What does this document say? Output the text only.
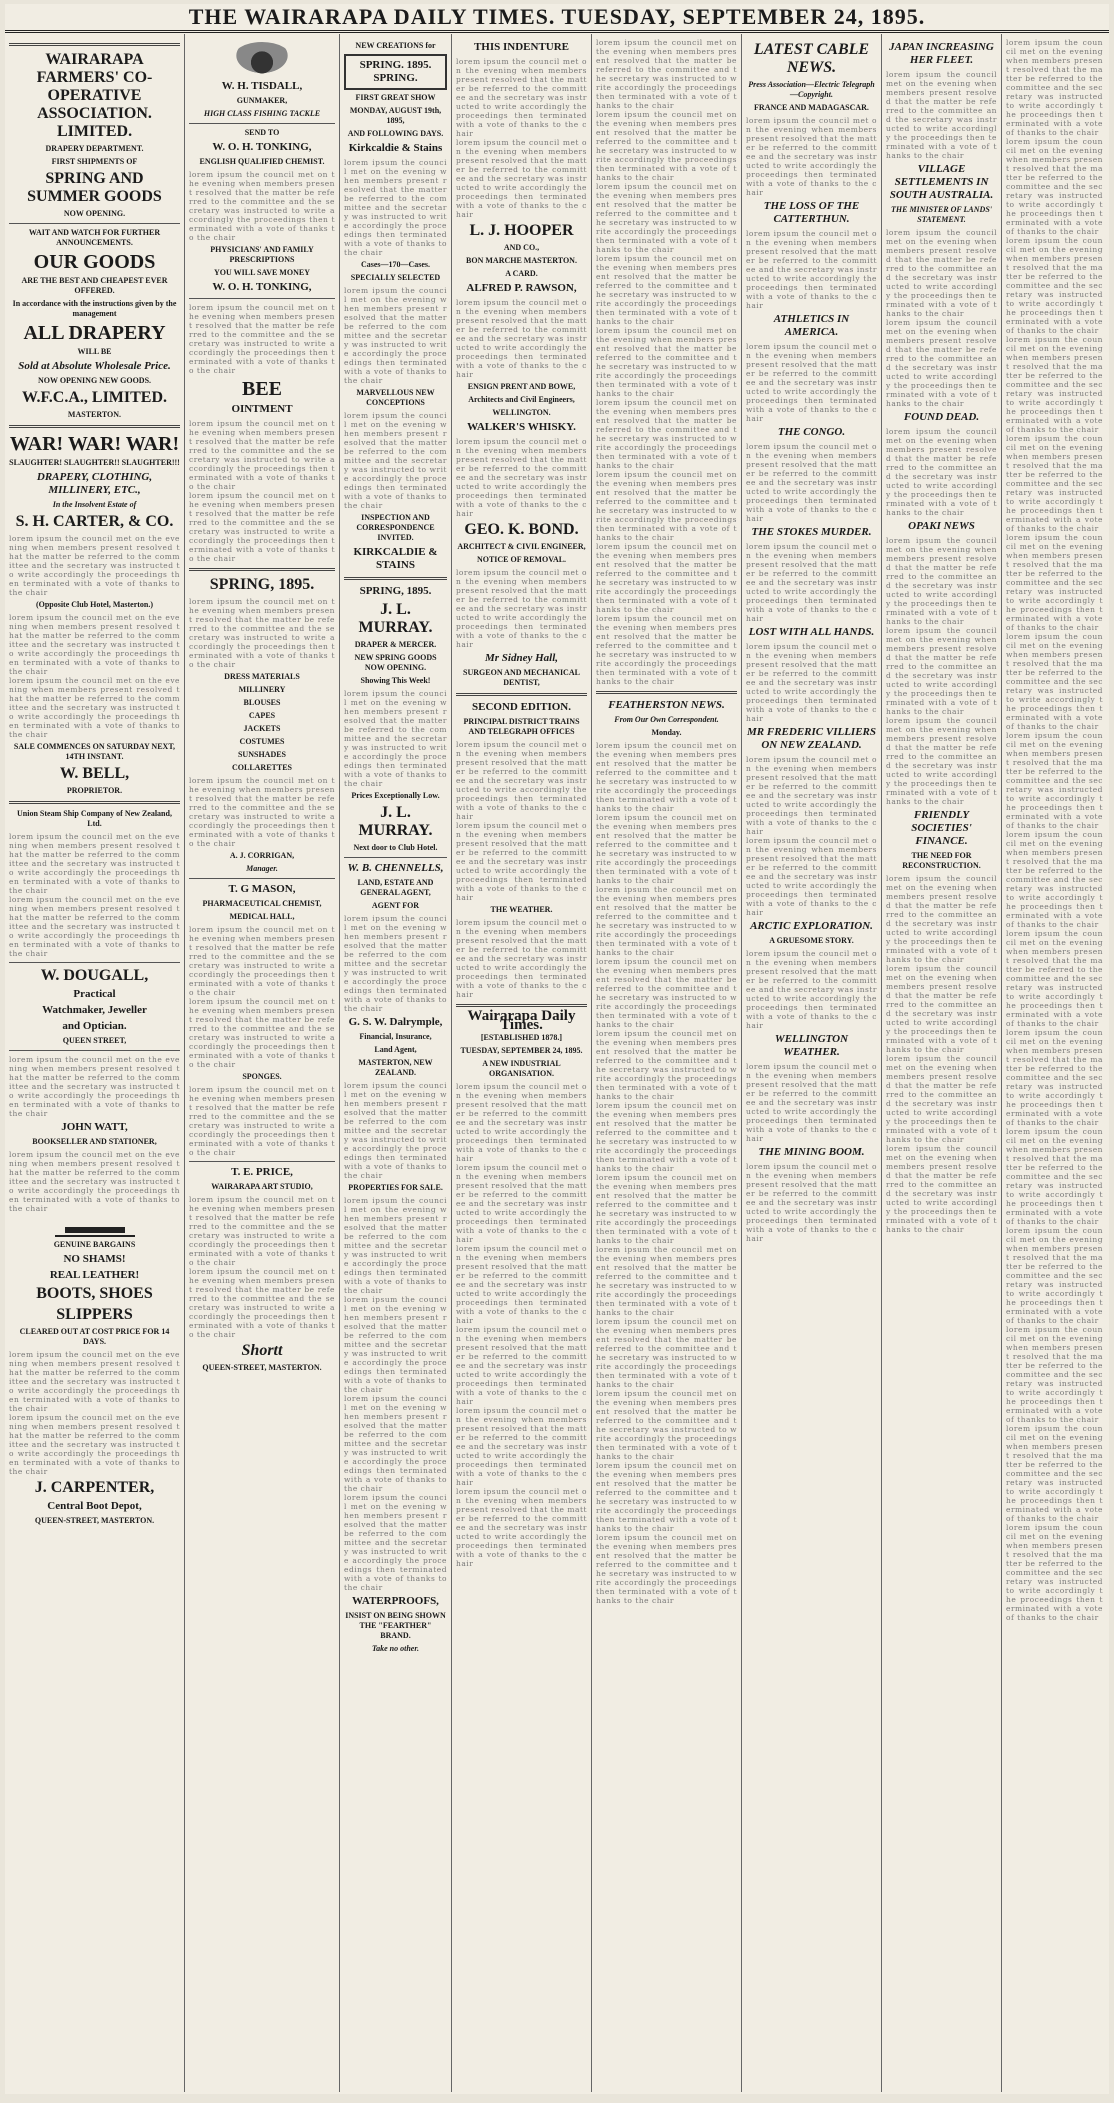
THE WAIRARAPA DAILY TIMES. TUESDAY, SEPTEMBER 24, 1895.
WAIRARAPA FARMERS' CO-OPERATIVE ASSOCIATION. LIMITED.
DRAPERY DEPARTMENT.
FIRST SHIPMENTS OF
SPRING AND SUMMER GOODS
NOW OPENING.
WAIT AND WATCH FOR FURTHER ANNOUNCEMENTS.
OUR GOODS
ARE THE BEST AND CHEAPEST EVER OFFERED.
In accordance with the instructions given by the management
ALL DRAPERY
WILL BE
Sold at Absolute Wholesale Price.
NOW OPENING NEW GOODS.
W.F.C.A., LIMITED.
MASTERTON.
WAR! WAR! WAR!
SLAUGHTER! SLAUGHTER!! SLAUGHTER!!!
DRAPERY, CLOTHING, MILLINERY, ETC.,
In the Insolvent Estate of
S. H. CARTER, & CO.
lorem ipsum the council met on the evening when members present resolved that the matter be referred to the committee and the secretary was instructed to write accordingly the proceedings then terminated with a vote of thanks to the chair
(Opposite Club Hotel, Masterton.)
lorem ipsum the council met on the evening when members present resolved that the matter be referred to the committee and the secretary was instructed to write accordingly the proceedings then terminated with a vote of thanks to the chair
lorem ipsum the council met on the evening when members present resolved that the matter be referred to the committee and the secretary was instructed to write accordingly the proceedings then terminated with a vote of thanks to the chair
SALE COMMENCES ON SATURDAY NEXT, 14TH INSTANT.
W. BELL,
PROPRIETOR.
Union Steam Ship Company of New Zealand, Ltd.
lorem ipsum the council met on the evening when members present resolved that the matter be referred to the committee and the secretary was instructed to write accordingly the proceedings then terminated with a vote of thanks to the chair
lorem ipsum the council met on the evening when members present resolved that the matter be referred to the committee and the secretary was instructed to write accordingly the proceedings then terminated with a vote of thanks to the chair
W. DOUGALL,
Practical
Watchmaker, Jeweller
and Optician.
QUEEN STREET,
lorem ipsum the council met on the evening when members present resolved that the matter be referred to the committee and the secretary was instructed to write accordingly the proceedings then terminated with a vote of thanks to the chair
JOHN WATT,
BOOKSELLER AND STATIONER,
lorem ipsum the council met on the evening when members present resolved that the matter be referred to the committee and the secretary was instructed to write accordingly the proceedings then terminated with a vote of thanks to the chair
GENUINE BARGAINS
NO SHAMS!
REAL LEATHER!
BOOTS, SHOES
SLIPPERS
CLEARED OUT AT COST PRICE FOR 14 DAYS.
lorem ipsum the council met on the evening when members present resolved that the matter be referred to the committee and the secretary was instructed to write accordingly the proceedings then terminated with a vote of thanks to the chair
lorem ipsum the council met on the evening when members present resolved that the matter be referred to the committee and the secretary was instructed to write accordingly the proceedings then terminated with a vote of thanks to the chair
J. CARPENTER,
Central Boot Depot,
QUEEN-STREET, MASTERTON.
W. H. TISDALL,
GUNMAKER,
HIGH CLASS FISHING TACKLE
SEND TO
W. O. H. TONKING,
ENGLISH QUALIFIED CHEMIST.
lorem ipsum the council met on the evening when members present resolved that the matter be referred to the committee and the secretary was instructed to write accordingly the proceedings then terminated with a vote of thanks to the chair
PHYSICIANS' AND FAMILY PRESCRIPTIONS
YOU WILL SAVE MONEY
W. O. H. TONKING,
lorem ipsum the council met on the evening when members present resolved that the matter be referred to the committee and the secretary was instructed to write accordingly the proceedings then terminated with a vote of thanks to the chair
BEE
OINTMENT
lorem ipsum the council met on the evening when members present resolved that the matter be referred to the committee and the secretary was instructed to write accordingly the proceedings then terminated with a vote of thanks to the chair
lorem ipsum the council met on the evening when members present resolved that the matter be referred to the committee and the secretary was instructed to write accordingly the proceedings then terminated with a vote of thanks to the chair
SPRING, 1895.
lorem ipsum the council met on the evening when members present resolved that the matter be referred to the committee and the secretary was instructed to write accordingly the proceedings then terminated with a vote of thanks to the chair
DRESS MATERIALS
MILLINERY
BLOUSES
CAPES
JACKETS
COSTUMES
SUNSHADES
COLLARETTES
lorem ipsum the council met on the evening when members present resolved that the matter be referred to the committee and the secretary was instructed to write accordingly the proceedings then terminated with a vote of thanks to the chair
A. J. CORRIGAN,
Manager.
T. G MASON,
PHARMACEUTICAL CHEMIST,
MEDICAL HALL,
lorem ipsum the council met on the evening when members present resolved that the matter be referred to the committee and the secretary was instructed to write accordingly the proceedings then terminated with a vote of thanks to the chair
lorem ipsum the council met on the evening when members present resolved that the matter be referred to the committee and the secretary was instructed to write accordingly the proceedings then terminated with a vote of thanks to the chair
SPONGES.
lorem ipsum the council met on the evening when members present resolved that the matter be referred to the committee and the secretary was instructed to write accordingly the proceedings then terminated with a vote of thanks to the chair
T. E. PRICE,
WAIRARAPA ART STUDIO,
lorem ipsum the council met on the evening when members present resolved that the matter be referred to the committee and the secretary was instructed to write accordingly the proceedings then terminated with a vote of thanks to the chair
lorem ipsum the council met on the evening when members present resolved that the matter be referred to the committee and the secretary was instructed to write accordingly the proceedings then terminated with a vote of thanks to the chair
Shortt
QUEEN-STREET, MASTERTON.
NEW CREATIONS for
SPRING. 1895. SPRING.
FIRST GREAT SHOW
MONDAY, AUGUST 19th, 1895,
AND FOLLOWING DAYS.
Kirkcaldie & Stains
lorem ipsum the council met on the evening when members present resolved that the matter be referred to the committee and the secretary was instructed to write accordingly the proceedings then terminated with a vote of thanks to the chair
Cases—170—Cases.
SPECIALLY SELECTED
lorem ipsum the council met on the evening when members present resolved that the matter be referred to the committee and the secretary was instructed to write accordingly the proceedings then terminated with a vote of thanks to the chair
MARVELLOUS NEW CONCEPTIONS
lorem ipsum the council met on the evening when members present resolved that the matter be referred to the committee and the secretary was instructed to write accordingly the proceedings then terminated with a vote of thanks to the chair
INSPECTION AND CORRESPONDENCE INVITED.
KIRKCALDIE & STAINS
SPRING, 1895.
J. L. MURRAY.
DRAPER & MERCER.
NEW SPRING GOODS NOW OPENING.
Showing This Week!
lorem ipsum the council met on the evening when members present resolved that the matter be referred to the committee and the secretary was instructed to write accordingly the proceedings then terminated with a vote of thanks to the chair
Prices Exceptionally Low.
J. L. MURRAY.
Next door to Club Hotel.
W. B. CHENNELLS,
LAND, ESTATE AND GENERAL AGENT,
AGENT FOR
lorem ipsum the council met on the evening when members present resolved that the matter be referred to the committee and the secretary was instructed to write accordingly the proceedings then terminated with a vote of thanks to the chair
G. S. W. Dalrymple,
Financial, Insurance,
Land Agent,
MASTERTON, NEW ZEALAND.
lorem ipsum the council met on the evening when members present resolved that the matter be referred to the committee and the secretary was instructed to write accordingly the proceedings then terminated with a vote of thanks to the chair
PROPERTIES FOR SALE.
lorem ipsum the council met on the evening when members present resolved that the matter be referred to the committee and the secretary was instructed to write accordingly the proceedings then terminated with a vote of thanks to the chair
lorem ipsum the council met on the evening when members present resolved that the matter be referred to the committee and the secretary was instructed to write accordingly the proceedings then terminated with a vote of thanks to the chair
lorem ipsum the council met on the evening when members present resolved that the matter be referred to the committee and the secretary was instructed to write accordingly the proceedings then terminated with a vote of thanks to the chair
lorem ipsum the council met on the evening when members present resolved that the matter be referred to the committee and the secretary was instructed to write accordingly the proceedings then terminated with a vote of thanks to the chair
WATERPROOFS,
INSIST ON BEING SHOWN THE "FEARTHER" BRAND.
Take no other.
THIS INDENTURE
lorem ipsum the council met on the evening when members present resolved that the matter be referred to the committee and the secretary was instructed to write accordingly the proceedings then terminated with a vote of thanks to the chair
lorem ipsum the council met on the evening when members present resolved that the matter be referred to the committee and the secretary was instructed to write accordingly the proceedings then terminated with a vote of thanks to the chair
L. J. HOOPER
AND CO.,
BON MARCHE MASTERTON.
A CARD.
ALFRED P. RAWSON,
lorem ipsum the council met on the evening when members present resolved that the matter be referred to the committee and the secretary was instructed to write accordingly the proceedings then terminated with a vote of thanks to the chair
ENSIGN PRENT AND BOWE,
Architects and Civil Engineers,
WELLINGTON.
WALKER'S WHISKY.
lorem ipsum the council met on the evening when members present resolved that the matter be referred to the committee and the secretary was instructed to write accordingly the proceedings then terminated with a vote of thanks to the chair
GEO. K. BOND.
ARCHITECT & CIVIL ENGINEER,
NOTICE OF REMOVAL.
lorem ipsum the council met on the evening when members present resolved that the matter be referred to the committee and the secretary was instructed to write accordingly the proceedings then terminated with a vote of thanks to the chair
Mr Sidney Hall,
SURGEON AND MECHANICAL DENTIST,
SECOND EDITION.
PRINCIPAL DISTRICT TRAINS AND TELEGRAPH OFFICES
lorem ipsum the council met on the evening when members present resolved that the matter be referred to the committee and the secretary was instructed to write accordingly the proceedings then terminated with a vote of thanks to the chair
lorem ipsum the council met on the evening when members present resolved that the matter be referred to the committee and the secretary was instructed to write accordingly the proceedings then terminated with a vote of thanks to the chair
THE WEATHER.
lorem ipsum the council met on the evening when members present resolved that the matter be referred to the committee and the secretary was instructed to write accordingly the proceedings then terminated with a vote of thanks to the chair
Wairarapa Daily Times.
[ESTABLISHED 1878.]
TUESDAY, SEPTEMBER 24, 1895.
A NEW INDUSTRIAL ORGANISATION.
lorem ipsum the council met on the evening when members present resolved that the matter be referred to the committee and the secretary was instructed to write accordingly the proceedings then terminated with a vote of thanks to the chair
lorem ipsum the council met on the evening when members present resolved that the matter be referred to the committee and the secretary was instructed to write accordingly the proceedings then terminated with a vote of thanks to the chair
lorem ipsum the council met on the evening when members present resolved that the matter be referred to the committee and the secretary was instructed to write accordingly the proceedings then terminated with a vote of thanks to the chair
lorem ipsum the council met on the evening when members present resolved that the matter be referred to the committee and the secretary was instructed to write accordingly the proceedings then terminated with a vote of thanks to the chair
lorem ipsum the council met on the evening when members present resolved that the matter be referred to the committee and the secretary was instructed to write accordingly the proceedings then terminated with a vote of thanks to the chair
lorem ipsum the council met on the evening when members present resolved that the matter be referred to the committee and the secretary was instructed to write accordingly the proceedings then terminated with a vote of thanks to the chair
lorem ipsum the council met on the evening when members present resolved that the matter be referred to the committee and the secretary was instructed to write accordingly the proceedings then terminated with a vote of thanks to the chair
lorem ipsum the council met on the evening when members present resolved that the matter be referred to the committee and the secretary was instructed to write accordingly the proceedings then terminated with a vote of thanks to the chair
lorem ipsum the council met on the evening when members present resolved that the matter be referred to the committee and the secretary was instructed to write accordingly the proceedings then terminated with a vote of thanks to the chair
lorem ipsum the council met on the evening when members present resolved that the matter be referred to the committee and the secretary was instructed to write accordingly the proceedings then terminated with a vote of thanks to the chair
lorem ipsum the council met on the evening when members present resolved that the matter be referred to the committee and the secretary was instructed to write accordingly the proceedings then terminated with a vote of thanks to the chair
lorem ipsum the council met on the evening when members present resolved that the matter be referred to the committee and the secretary was instructed to write accordingly the proceedings then terminated with a vote of thanks to the chair
lorem ipsum the council met on the evening when members present resolved that the matter be referred to the committee and the secretary was instructed to write accordingly the proceedings then terminated with a vote of thanks to the chair
lorem ipsum the council met on the evening when members present resolved that the matter be referred to the committee and the secretary was instructed to write accordingly the proceedings then terminated with a vote of thanks to the chair
lorem ipsum the council met on the evening when members present resolved that the matter be referred to the committee and the secretary was instructed to write accordingly the proceedings then terminated with a vote of thanks to the chair
FEATHERSTON NEWS.
From Our Own Correspondent.
Monday.
lorem ipsum the council met on the evening when members present resolved that the matter be referred to the committee and the secretary was instructed to write accordingly the proceedings then terminated with a vote of thanks to the chair
lorem ipsum the council met on the evening when members present resolved that the matter be referred to the committee and the secretary was instructed to write accordingly the proceedings then terminated with a vote of thanks to the chair
lorem ipsum the council met on the evening when members present resolved that the matter be referred to the committee and the secretary was instructed to write accordingly the proceedings then terminated with a vote of thanks to the chair
lorem ipsum the council met on the evening when members present resolved that the matter be referred to the committee and the secretary was instructed to write accordingly the proceedings then terminated with a vote of thanks to the chair
lorem ipsum the council met on the evening when members present resolved that the matter be referred to the committee and the secretary was instructed to write accordingly the proceedings then terminated with a vote of thanks to the chair
lorem ipsum the council met on the evening when members present resolved that the matter be referred to the committee and the secretary was instructed to write accordingly the proceedings then terminated with a vote of thanks to the chair
lorem ipsum the council met on the evening when members present resolved that the matter be referred to the committee and the secretary was instructed to write accordingly the proceedings then terminated with a vote of thanks to the chair
lorem ipsum the council met on the evening when members present resolved that the matter be referred to the committee and the secretary was instructed to write accordingly the proceedings then terminated with a vote of thanks to the chair
lorem ipsum the council met on the evening when members present resolved that the matter be referred to the committee and the secretary was instructed to write accordingly the proceedings then terminated with a vote of thanks to the chair
lorem ipsum the council met on the evening when members present resolved that the matter be referred to the committee and the secretary was instructed to write accordingly the proceedings then terminated with a vote of thanks to the chair
lorem ipsum the council met on the evening when members present resolved that the matter be referred to the committee and the secretary was instructed to write accordingly the proceedings then terminated with a vote of thanks to the chair
lorem ipsum the council met on the evening when members present resolved that the matter be referred to the committee and the secretary was instructed to write accordingly the proceedings then terminated with a vote of thanks to the chair
LATEST CABLE NEWS.
Press Association—Electric Telegraph—Copyright.
FRANCE AND MADAGASCAR.
lorem ipsum the council met on the evening when members present resolved that the matter be referred to the committee and the secretary was instructed to write accordingly the proceedings then terminated with a vote of thanks to the chair
THE LOSS OF THE CATTERTHUN.
lorem ipsum the council met on the evening when members present resolved that the matter be referred to the committee and the secretary was instructed to write accordingly the proceedings then terminated with a vote of thanks to the chair
ATHLETICS IN AMERICA.
lorem ipsum the council met on the evening when members present resolved that the matter be referred to the committee and the secretary was instructed to write accordingly the proceedings then terminated with a vote of thanks to the chair
THE CONGO.
lorem ipsum the council met on the evening when members present resolved that the matter be referred to the committee and the secretary was instructed to write accordingly the proceedings then terminated with a vote of thanks to the chair
THE STOKES MURDER.
lorem ipsum the council met on the evening when members present resolved that the matter be referred to the committee and the secretary was instructed to write accordingly the proceedings then terminated with a vote of thanks to the chair
LOST WITH ALL HANDS.
lorem ipsum the council met on the evening when members present resolved that the matter be referred to the committee and the secretary was instructed to write accordingly the proceedings then terminated with a vote of thanks to the chair
MR FREDERIC VILLIERS ON NEW ZEALAND.
lorem ipsum the council met on the evening when members present resolved that the matter be referred to the committee and the secretary was instructed to write accordingly the proceedings then terminated with a vote of thanks to the chair
lorem ipsum the council met on the evening when members present resolved that the matter be referred to the committee and the secretary was instructed to write accordingly the proceedings then terminated with a vote of thanks to the chair
ARCTIC EXPLORATION.
A GRUESOME STORY.
lorem ipsum the council met on the evening when members present resolved that the matter be referred to the committee and the secretary was instructed to write accordingly the proceedings then terminated with a vote of thanks to the chair
WELLINGTON WEATHER.
lorem ipsum the council met on the evening when members present resolved that the matter be referred to the committee and the secretary was instructed to write accordingly the proceedings then terminated with a vote of thanks to the chair
THE MINING BOOM.
lorem ipsum the council met on the evening when members present resolved that the matter be referred to the committee and the secretary was instructed to write accordingly the proceedings then terminated with a vote of thanks to the chair
JAPAN INCREASING HER FLEET.
lorem ipsum the council met on the evening when members present resolved that the matter be referred to the committee and the secretary was instructed to write accordingly the proceedings then terminated with a vote of thanks to the chair
VILLAGE SETTLEMENTS IN SOUTH AUSTRALIA.
THE MINISTER OF LANDS' STATEMENT.
lorem ipsum the council met on the evening when members present resolved that the matter be referred to the committee and the secretary was instructed to write accordingly the proceedings then terminated with a vote of thanks to the chair
lorem ipsum the council met on the evening when members present resolved that the matter be referred to the committee and the secretary was instructed to write accordingly the proceedings then terminated with a vote of thanks to the chair
FOUND DEAD.
lorem ipsum the council met on the evening when members present resolved that the matter be referred to the committee and the secretary was instructed to write accordingly the proceedings then terminated with a vote of thanks to the chair
OPAKI NEWS
lorem ipsum the council met on the evening when members present resolved that the matter be referred to the committee and the secretary was instructed to write accordingly the proceedings then terminated with a vote of thanks to the chair
lorem ipsum the council met on the evening when members present resolved that the matter be referred to the committee and the secretary was instructed to write accordingly the proceedings then terminated with a vote of thanks to the chair
lorem ipsum the council met on the evening when members present resolved that the matter be referred to the committee and the secretary was instructed to write accordingly the proceedings then terminated with a vote of thanks to the chair
FRIENDLY SOCIETIES' FINANCE.
THE NEED FOR RECONSTRUCTION.
lorem ipsum the council met on the evening when members present resolved that the matter be referred to the committee and the secretary was instructed to write accordingly the proceedings then terminated with a vote of thanks to the chair
lorem ipsum the council met on the evening when members present resolved that the matter be referred to the committee and the secretary was instructed to write accordingly the proceedings then terminated with a vote of thanks to the chair
lorem ipsum the council met on the evening when members present resolved that the matter be referred to the committee and the secretary was instructed to write accordingly the proceedings then terminated with a vote of thanks to the chair
lorem ipsum the council met on the evening when members present resolved that the matter be referred to the committee and the secretary was instructed to write accordingly the proceedings then terminated with a vote of thanks to the chair
lorem ipsum the council met on the evening when members present resolved that the matter be referred to the committee and the secretary was instructed to write accordingly the proceedings then terminated with a vote of thanks to the chair
lorem ipsum the council met on the evening when members present resolved that the matter be referred to the committee and the secretary was instructed to write accordingly the proceedings then terminated with a vote of thanks to the chair
lorem ipsum the council met on the evening when members present resolved that the matter be referred to the committee and the secretary was instructed to write accordingly the proceedings then terminated with a vote of thanks to the chair
lorem ipsum the council met on the evening when members present resolved that the matter be referred to the committee and the secretary was instructed to write accordingly the proceedings then terminated with a vote of thanks to the chair
lorem ipsum the council met on the evening when members present resolved that the matter be referred to the committee and the secretary was instructed to write accordingly the proceedings then terminated with a vote of thanks to the chair
lorem ipsum the council met on the evening when members present resolved that the matter be referred to the committee and the secretary was instructed to write accordingly the proceedings then terminated with a vote of thanks to the chair
lorem ipsum the council met on the evening when members present resolved that the matter be referred to the committee and the secretary was instructed to write accordingly the proceedings then terminated with a vote of thanks to the chair
lorem ipsum the council met on the evening when members present resolved that the matter be referred to the committee and the secretary was instructed to write accordingly the proceedings then terminated with a vote of thanks to the chair
lorem ipsum the council met on the evening when members present resolved that the matter be referred to the committee and the secretary was instructed to write accordingly the proceedings then terminated with a vote of thanks to the chair
lorem ipsum the council met on the evening when members present resolved that the matter be referred to the committee and the secretary was instructed to write accordingly the proceedings then terminated with a vote of thanks to the chair
lorem ipsum the council met on the evening when members present resolved that the matter be referred to the committee and the secretary was instructed to write accordingly the proceedings then terminated with a vote of thanks to the chair
lorem ipsum the council met on the evening when members present resolved that the matter be referred to the committee and the secretary was instructed to write accordingly the proceedings then terminated with a vote of thanks to the chair
lorem ipsum the council met on the evening when members present resolved that the matter be referred to the committee and the secretary was instructed to write accordingly the proceedings then terminated with a vote of thanks to the chair
lorem ipsum the council met on the evening when members present resolved that the matter be referred to the committee and the secretary was instructed to write accordingly the proceedings then terminated with a vote of thanks to the chair
lorem ipsum the council met on the evening when members present resolved that the matter be referred to the committee and the secretary was instructed to write accordingly the proceedings then terminated with a vote of thanks to the chair
lorem ipsum the council met on the evening when members present resolved that the matter be referred to the committee and the secretary was instructed to write accordingly the proceedings then terminated with a vote of thanks to the chair
